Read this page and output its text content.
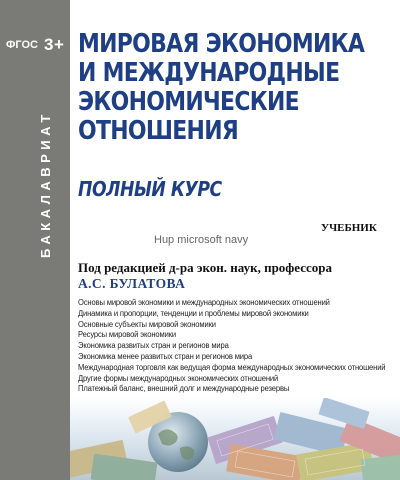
ФГОС 3+
БАКАЛАВРИАТ
МИРОВАЯ ЭКОНОМИКА
И МЕЖДУНАРОДНЫЕ
ЭКОНОМИЧЕСКИЕ
ОТНОШЕНИЯ
ПОЛНЫЙ КУРС
УЧЕБНИК
Hup microsoft navy
Под редакцией д-ра экон. наук, профессора
А.С. БУЛАТОВА
Основы мировой экономики и международных экономических отношений
Динамика и пропорции, тенденции и проблемы мировой экономики
Основные субъекты мировой экономики
Ресурсы мировой экономики
Экономика развитых стран и регионов мира
Экономика менее развитых стран и регионов мира
Международная торговля как ведущая форма международных экономических отношений
Другие формы международных экономических отношений
Платежный баланс, внешний долг и международные резервы
